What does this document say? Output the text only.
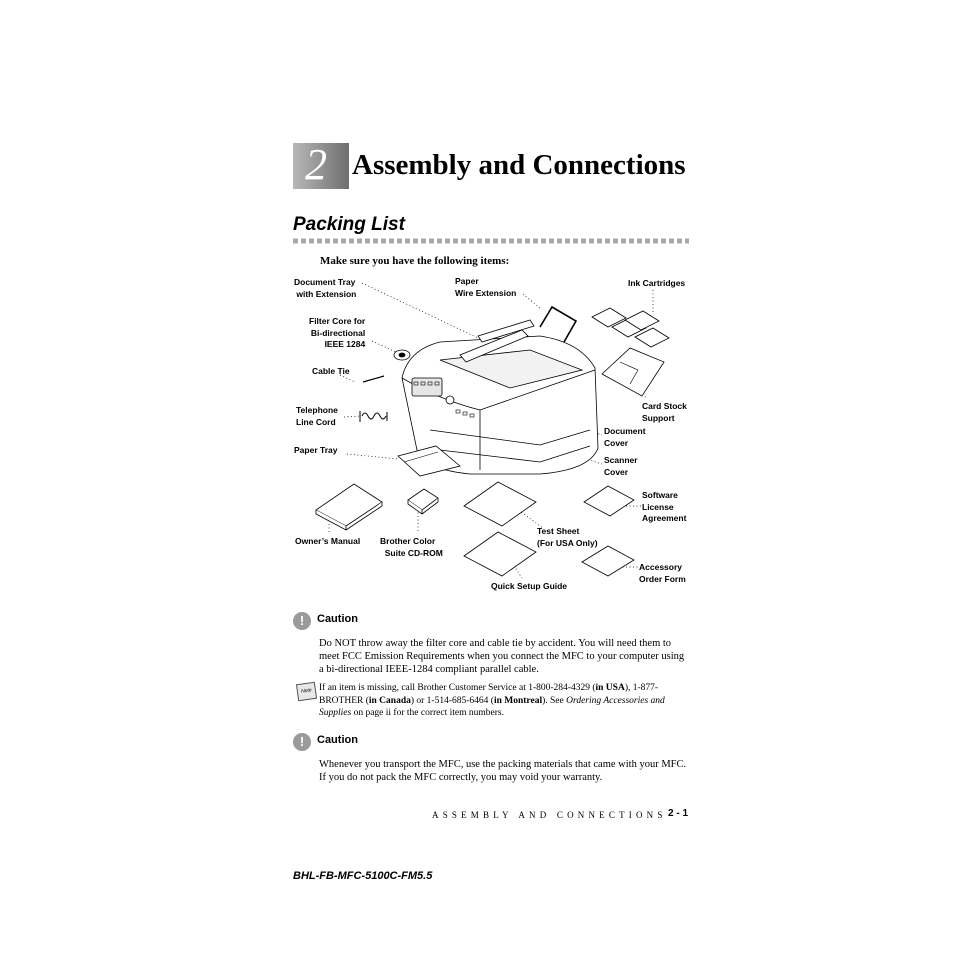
2 Assembly and Connections
Packing List
Make sure you have the following items:
Document Tray
with Extension
Paper
Wire Extension
Ink Cartridges
Filter Core for
Bi-directional
IEEE 1284
Cable Tie
Telephone
Line Cord
Card Stock
Support
Document
Cover
Paper Tray
Scanner
Cover
Software
License
Agreement
Owner’s Manual Brother Color
Suite CD-ROM
Test Sheet
(For USA Only)
Accessory
Order Form
Quick Setup Guide
!	Caution
Do NOT throw away the filter core and cable tie by accident. You will need them to meet FCC Emission Requirements when you connect the MFC to your computer using a bi-directional IEEE-1284 compliant parallel cable.
Note If an item is missing, call Brother Customer Service at 1-800-284-4329 (in USA), 1-877-BROTHER (in Canada) or 1-514-685-6464 (in Montreal). See Ordering Accessories and Supplies on page ii for the correct item numbers.
!	Caution
Whenever you transport the MFC, use the packing materials that came with your MFC. If you do not pack the MFC correctly, you may void your warranty.
ASSEMBLY AND CONNECTIONS 2 - 1
BHL-FB-MFC-5100C-FM5.5
